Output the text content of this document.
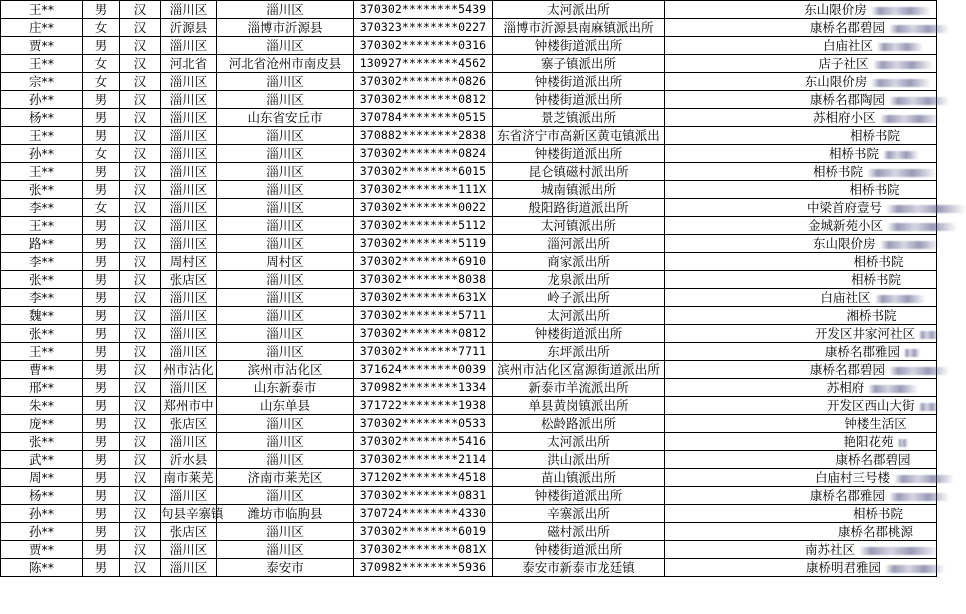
王**	男	汉	淄川区	淄川区	370302********5439	太河派出所	东山限价房
庄**	女	汉	沂源县	淄博市沂源县	370323********0227	淄博市沂源县南麻镇派出所	康桥名郡碧园
贾**	男	汉	淄川区	淄川区	370302********0316	钟楼街道派出所	白庙社区
王**	女	汉	河北省	河北省沧州市南皮县	130927********4562	寨子镇派出所	店子社区
宗**	女	汉	淄川区	淄川区	370302********0826	钟楼街道派出所	东山限价房
孙**	男	汉	淄川区	淄川区	370302********0812	钟楼街道派出所	康桥名郡陶园
杨**	男	汉	淄川区	山东省安丘市	370784********0515	景芝镇派出所	苏相府小区
王**	男	汉	淄川区	淄川区	370882********2838	东省济宁市高新区黄屯镇派出	相桥书院
孙**	女	汉	淄川区	淄川区	370302********0824	钟楼街道派出所	相桥书院
王**	男	汉	淄川区	淄川区	370302********6015	昆仑镇磁村派出所	相桥书院
张**	男	汉	淄川区	淄川区	370302********111X	城南镇派出所	相桥书院
李**	女	汉	淄川区	淄川区	370302********0022	般阳路街道派出所	中梁首府壹号
王**	男	汉	淄川区	淄川区	370302********5112	太河镇派出所	金城新苑小区
路**	男	汉	淄川区	淄川区	370302********5119	淄河派出所	东山限价房
李**	男	汉	周村区	周村区	370302********6910	商家派出所	相桥书院
张**	男	汉	张店区	淄川区	370302********8038	龙泉派出所	相桥书院
李**	男	汉	淄川区	淄川区	370302********631X	岭子派出所	白庙社区
魏**	男	汉	淄川区	淄川区	370302********5711	太河派出所	湘桥书院
张**	男	汉	淄川区	淄川区	370302********0812	钟楼街道派出所	开发区井家河社区
王**	男	汉	淄川区	淄川区	370302********7711	东坪派出所	康桥名郡雅园
曹**	男	汉	州市沾化	滨州市沾化区	371624********0039	滨州市沾化区富源街道派出所	康桥名郡碧园
邢**	男	汉	淄川区	山东新泰市	370982********1334	新泰市羊流派出所	苏相府
朱**	男	汉	郑州市中	山东单县	371722********1938	单县黄岗镇派出所	开发区西山大街
庞**	男	汉	张店区	淄川区	370302********0533	松龄路派出所	钟楼生活区
张**	男	汉	淄川区	淄川区	370302********5416	太河派出所	艳阳花苑
武**	男	汉	沂水县	淄川区	370302********2114	洪山派出所	康桥名郡碧园
周**	男	汉	南市莱芜	济南市莱芜区	371202********4518	苗山镇派出所	白庙村三号楼
杨**	男	汉	淄川区	淄川区	370302********0831	钟楼街道派出所	康桥名郡雅园
孙**	男	汉	句县辛寨镇	潍坊市临朐县	370724********4330	辛寨派出所	相桥书院
孙**	男	汉	张店区	淄川区	370302********6019	磁村派出所	康桥名郡桃源
贾**	男	汉	淄川区	淄川区	370302********081X	钟楼街道派出所	南苏社区
陈**	男	汉	淄川区	泰安市	370982********5936	泰安市新泰市龙廷镇	康桥明君雅园
